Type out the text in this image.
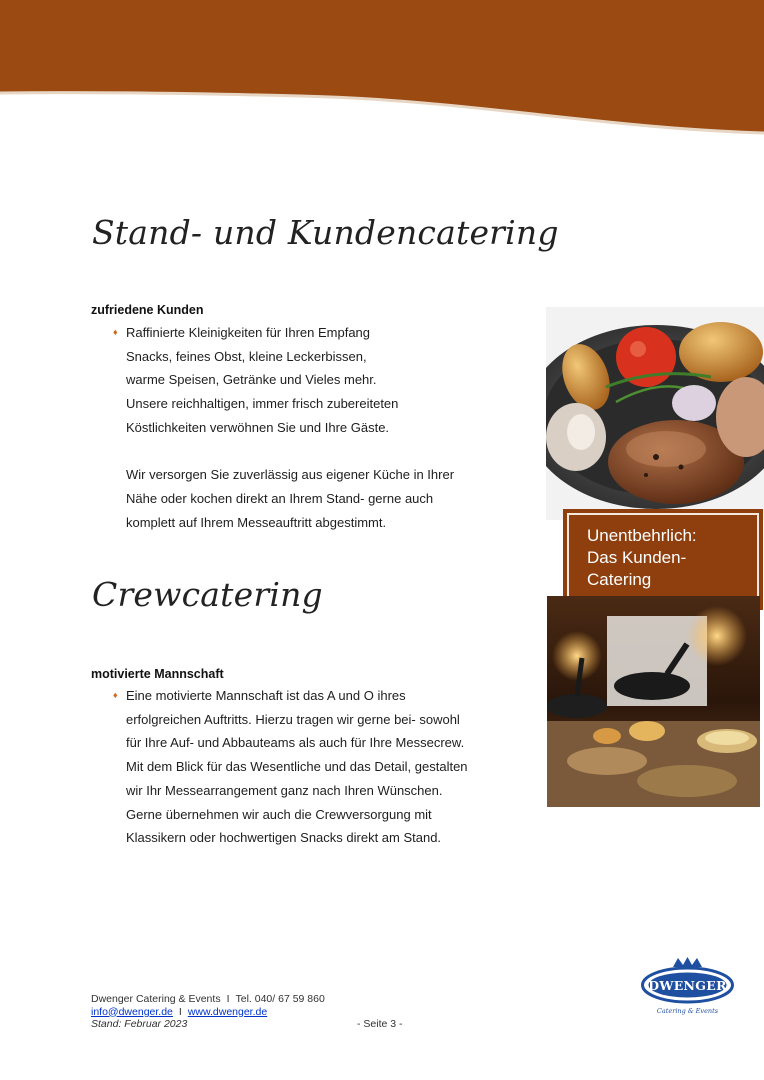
Stand- und Kundencatering
zufriedene Kunden

♦ Raffinierte Kleinigkeiten für Ihren Empfang

Snacks, feines Obst, kleine Leckerbissen,

warme Speisen, Getränke und Vieles mehr.

Unsere reichhaltigen, immer frisch zubereiteten

Köstlichkeiten verwöhnen Sie und Ihre Gäste.

Wir versorgen Sie zuverlässig aus eigener Küche in Ihrer

Nähe oder kochen direkt an Ihrem Stand- gerne auch

komplett auf Ihrem Messeauftritt abgestimmt.

Crewcatering
motivierte Mannschaft

♦ Eine motivierte Mannschaft ist das A und O ihres

erfolgreichen Auftritts. Hierzu tragen wir gerne bei- sowohl

für Ihre Auf- und Abbauteams als auch für Ihre Messecrew.

Mit dem Blick für das Wesentliche und das Detail, gestalten

wir Ihr Messearrangement ganz nach Ihren Wünschen.

Gerne übernehmen wir auch die Crewversorgung mit

Klassikern oder hochwertigen Snacks direkt am Stand.

Unentbehrlich:
Das Kunden-
Catering
Dwenger Catering & Events I Tel. 040/ 67 59 860
info@dwenger.de I www.dwenger.de
Stand: Februar 2023	- Seite 3 -
DWENGER
Catering & Events
